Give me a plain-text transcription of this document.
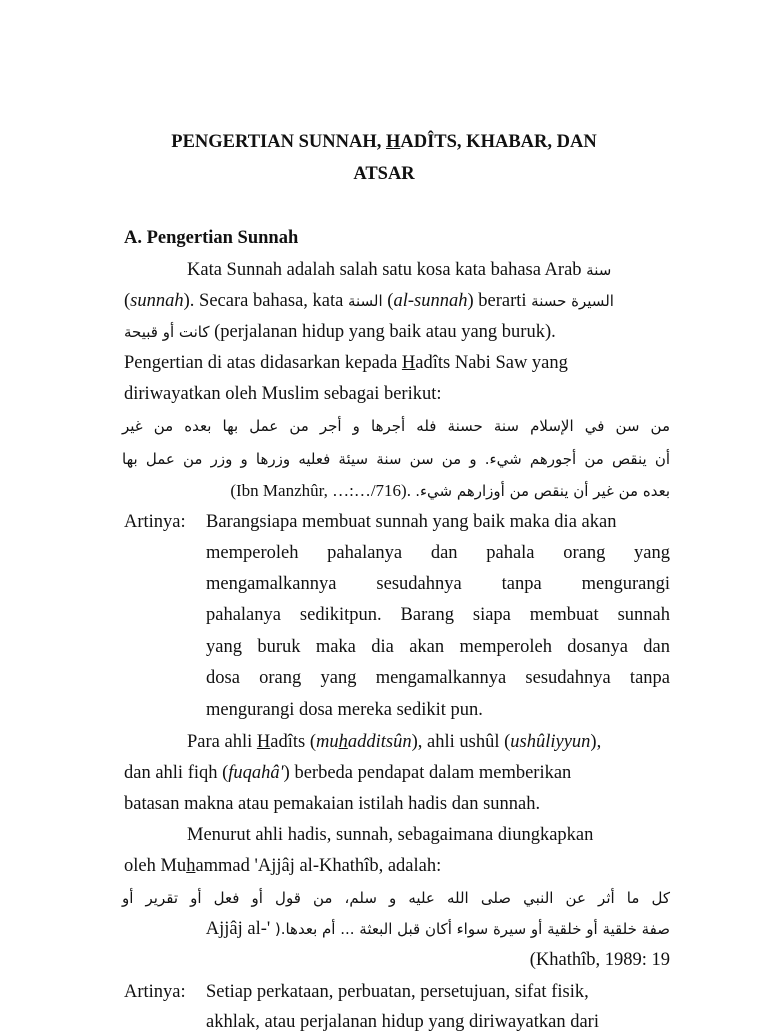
PENGERTIAN SUNNAH, HADÎTS, KHABAR, DAN
ATSAR
A. Pengertian Sunnah
Kata Sunnah adalah salah satu kosa kata bahasa Arab سنة
(sunnah). Secara bahasa, kata السنة (al-sunnah) berarti السيرة حسنة
كانت أو قبيحة (perjalanan hidup yang baik atau yang buruk).
Pengertian di atas didasarkan kepada Hadîts Nabi Saw yang
diriwayatkan oleh Muslim sebagai berikut:
من سن في الإسلام سنة حسنة فله أجرها و أجر من عمل بها بعده من غير
أن ينقص من أجورهم شيء. و من سن سنة سيئة فعليه وزرها و وزر من عمل بها
(Ibn Manzhûr, …:…/716). بعده من غير أن ينقص من أوزارهم شيء.
Artinya: Barangsiapa membuat sunnah yang baik maka dia akan
memperoleh pahalanya dan pahala orang yang
mengamalkannya sesudahnya tanpa mengurangi
pahalanya sedikitpun. Barang siapa membuat sunnah
yang buruk maka dia akan memperoleh dosanya dan
dosa orang yang mengamalkannya sesudahnya tanpa
mengurangi dosa mereka sedikit pun.
Para ahli Hadîts (muhadditsûn), ahli ushûl (ushûliyyun),
dan ahli fiqh (fuqahâ') berbeda pendapat dalam memberikan
batasan makna atau pemakaian istilah hadis dan sunnah.
Menurut ahli hadis, sunnah, sebagaimana diungkapkan
oleh Muhammad 'Ajjâj al-Khathîb, adalah:
كل ما أثر عن النبي صلى الله عليه و سلم، من قول أو فعل أو تقرير أو
Ajjâj al-' صفة خلقية أو خلقية أو سيرة سواء أكان قبل البعثة ... أم بعدها.(
(Khathîb, 1989: 19
Artinya: Setiap perkataan, perbuatan, persetujuan, sifat fisik,
akhlak, atau perjalanan hidup yang diriwayatkan dari
